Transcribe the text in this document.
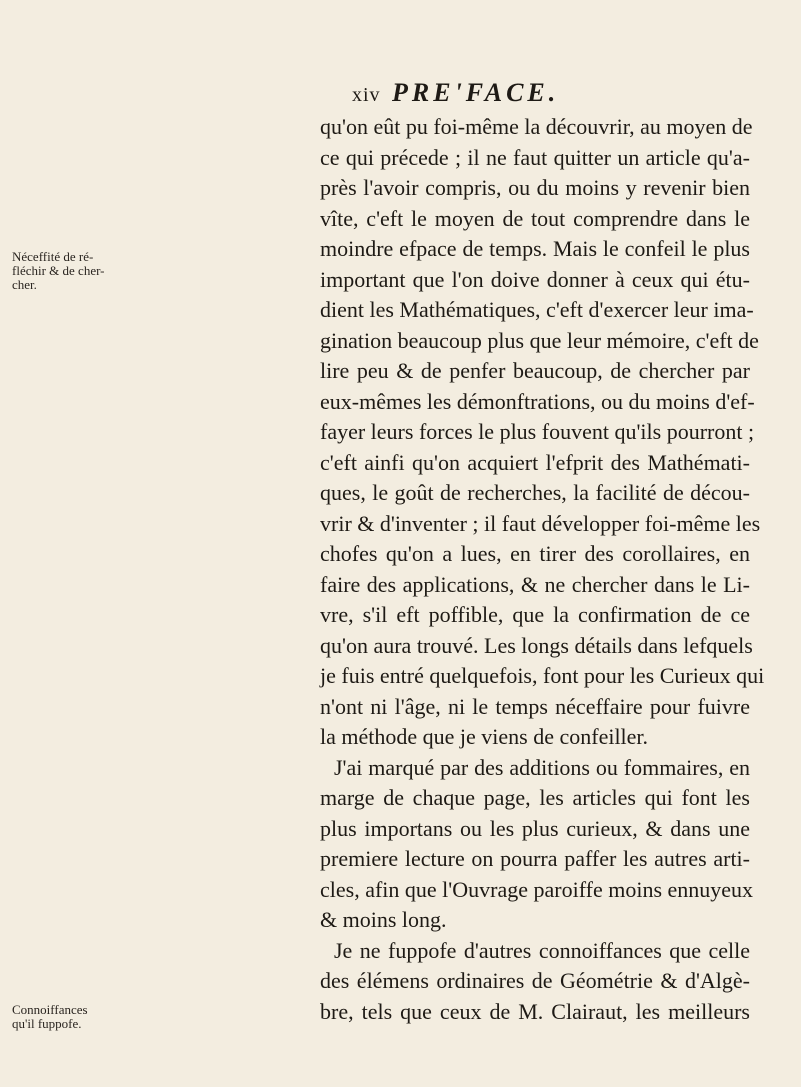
xiv PRE'FACE.
Néceffité de ré-
fléchir & de cher-
cher.
Connoiffances
qu'il fuppofe.
qu'on eût pu foi-même la découvrir, au moyen de
ce qui précede ; il ne faut quitter un article qu'a-
près l'avoir compris, ou du moins y revenir bien
vîte, c'eft le moyen de tout comprendre dans le
moindre efpace de temps. Mais le confeil le plus
important que l'on doive donner à ceux qui étu-
dient les Mathématiques, c'eft d'exercer leur ima-
gination beaucoup plus que leur mémoire, c'eft de
lire peu & de penfer beaucoup, de chercher par
eux-mêmes les démonftrations, ou du moins d'ef-
fayer leurs forces le plus fouvent qu'ils pourront ;
c'eft ainfi qu'on acquiert l'efprit des Mathémati-
ques, le goût de recherches, la facilité de décou-
vrir & d'inventer ; il faut développer foi-même les
chofes qu'on a lues, en tirer des corollaires, en
faire des applications, & ne chercher dans le Li-
vre, s'il eft poffible, que la confirmation de ce
qu'on aura trouvé. Les longs détails dans lefquels
je fuis entré quelquefois, font pour les Curieux qui
n'ont ni l'âge, ni le temps néceffaire pour fuivre
la méthode que je viens de confeiller.
J'ai marqué par des additions ou fommaires, en
marge de chaque page, les articles qui font les
plus importans ou les plus curieux, & dans une
premiere lecture on pourra paffer les autres arti-
cles, afin que l'Ouvrage paroiffe moins ennuyeux
& moins long.
Je ne fuppofe d'autres connoiffances que celle
des élémens ordinaires de Géométrie & d'Algè-
bre, tels que ceux de M. Clairaut, les meilleurs
